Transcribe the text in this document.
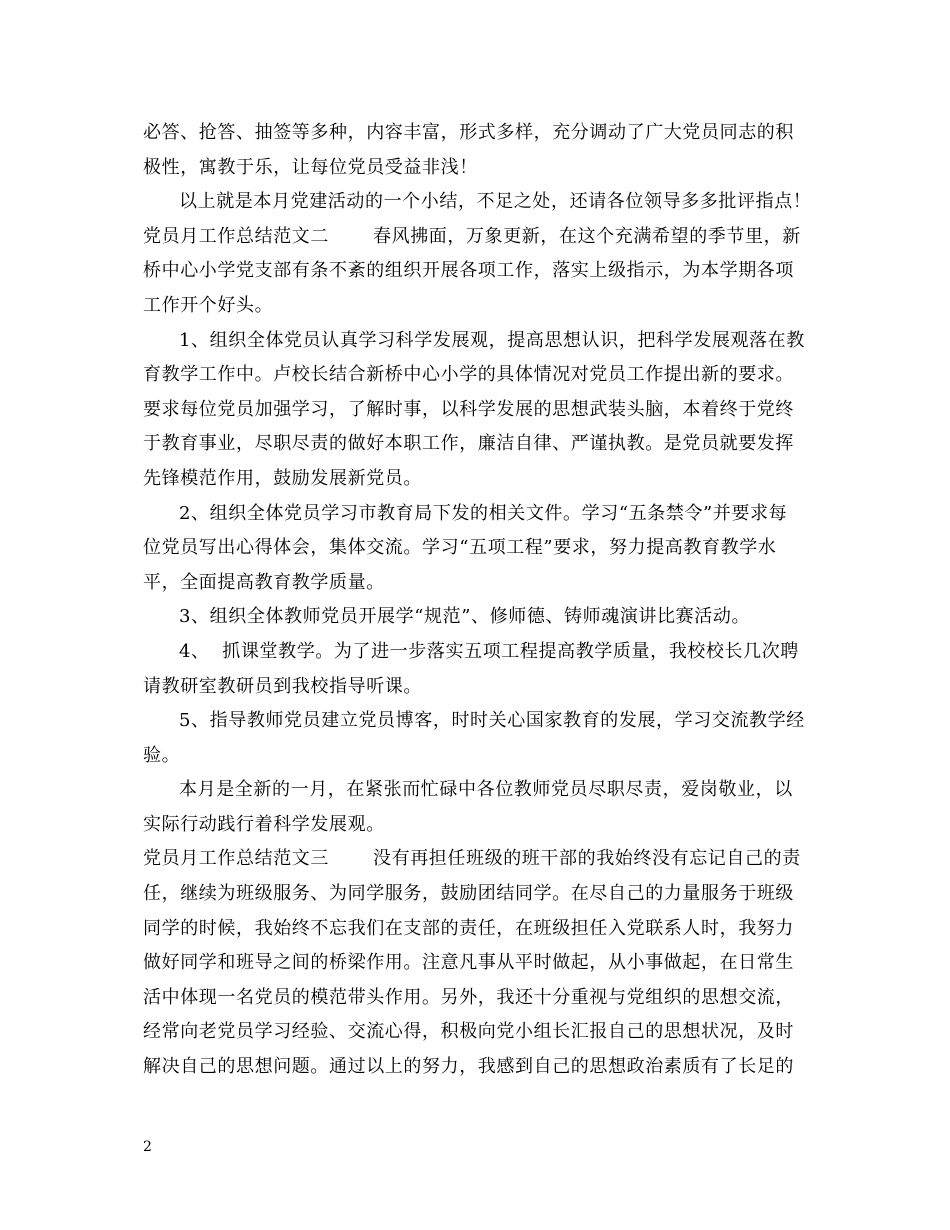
必答、抢答、抽签等多种，内容丰富，形式多样，充分调动了广大党员同志的积
极性，寓教于乐，让每位党员受益非浅！
以上就是本月党建活动的一个小结，不足之处，还请各位领导多多批评指点！
党员月工作总结范文二 春风拂面，万象更新，在这个充满希望的季节里，新
桥中心小学党支部有条不紊的组织开展各项工作，落实上级指示，为本学期各项
工作开个好头。
1、组织全体党员认真学习科学发展观，提高思想认识，把科学发展观落在教
育教学工作中。卢校长结合新桥中心小学的具体情况对党员工作提出新的要求。
要求每位党员加强学习，了解时事，以科学发展的思想武装头脑，本着终于党终
于教育事业，尽职尽责的做好本职工作，廉洁自律、严谨执教。是党员就要发挥
先锋模范作用，鼓励发展新党员。
2、组织全体党员学习市教育局下发的相关文件。学习“五条禁令”并要求每
位党员写出心得体会，集体交流。学习“五项工程”要求，努力提高教育教学水
平，全面提高教育教学质量。
3、组织全体教师党员开展学“规范”、修师德、铸师魂演讲比赛活动。
4、  抓课堂教学。为了进一步落实五项工程提高教学质量，我校校长几次聘
请教研室教研员到我校指导听课。
5、指导教师党员建立党员博客，时时关心国家教育的发展，学习交流教学经
验。
本月是全新的一月，在紧张而忙碌中各位教师党员尽职尽责，爱岗敬业，以
实际行动践行着科学发展观。
党员月工作总结范文三 没有再担任班级的班干部的我始终没有忘记自己的责
任，继续为班级服务、为同学服务，鼓励团结同学。在尽自己的力量服务于班级
同学的时候，我始终不忘我们在支部的责任，在班级担任入党联系人时，我努力
做好同学和班导之间的桥梁作用。注意凡事从平时做起，从小事做起，在日常生
活中体现一名党员的模范带头作用。另外，我还十分重视与党组织的思想交流，
经常向老党员学习经验、交流心得，积极向党小组长汇报自己的思想状况，及时
解决自己的思想问题。通过以上的努力，我感到自己的思想政治素质有了长足的
2
